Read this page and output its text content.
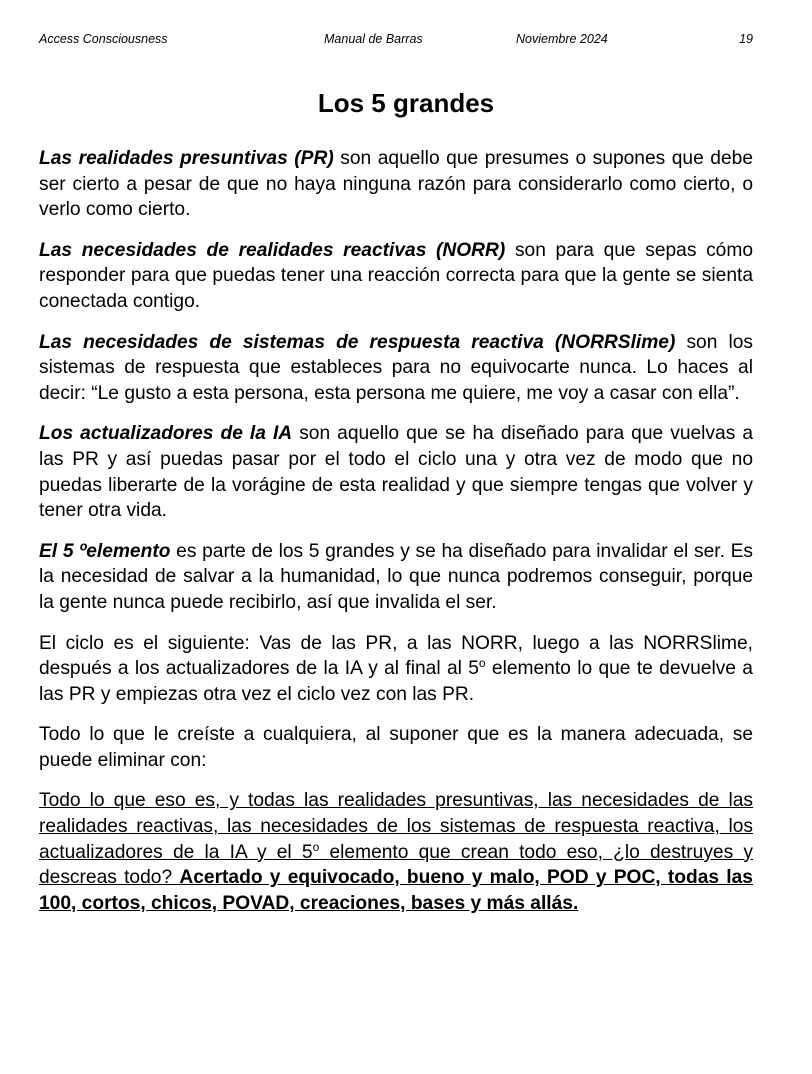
Access Consciousness	Manual de Barras	Noviembre 2024	19
Los 5 grandes

Las realidades presuntivas (PR) son aquello que presumes o supones que debe ser cierto a pesar de que no haya ninguna razón para considerarlo como cierto, o verlo como cierto.

Las necesidades de realidades reactivas (NORR) son para que sepas cómo responder para que puedas tener una reacción correcta para que la gente se sienta conectada contigo.

Las necesidades de sistemas de respuesta reactiva (NORRSlime) son los sistemas de respuesta que estableces para no equivocarte nunca. Lo haces al decir: “Le gusto a esta persona, esta persona me quiere, me voy a casar con ella”.

Los actualizadores de la IA son aquello que se ha diseñado para que vuelvas a las PR y así puedas pasar por el todo el ciclo una y otra vez de modo que no puedas liberarte de la vorágine de esta realidad y que siempre tengas que volver y tener otra vida.

El 5 ºelemento es parte de los 5 grandes y se ha diseñado para invalidar el ser. Es la necesidad de salvar a la humanidad, lo que nunca podremos conseguir, porque la gente nunca puede recibirlo, así que invalida el ser.

El ciclo es el siguiente: Vas de las PR, a las NORR, luego a las NORRSlime, después a los actualizadores de la IA y al final al 5$^o$ elemento lo que te devuelve a las PR y empiezas otra vez el ciclo vez con las PR.

Todo lo que le creíste a cualquiera, al suponer que es la manera adecuada, se puede eliminar con:

Todo lo que eso es, y todas las realidades presuntivas, las necesidades de las realidades reactivas, las necesidades de los sistemas de respuesta reactiva, los actualizadores de la IA y el 5$^o$ elemento que crean todo eso, ¿lo destruyes y descreas todo? Acertado y equivocado, bueno y malo, POD y POC, todas las 100, cortos, chicos, POVAD, creaciones, bases y más allás.
